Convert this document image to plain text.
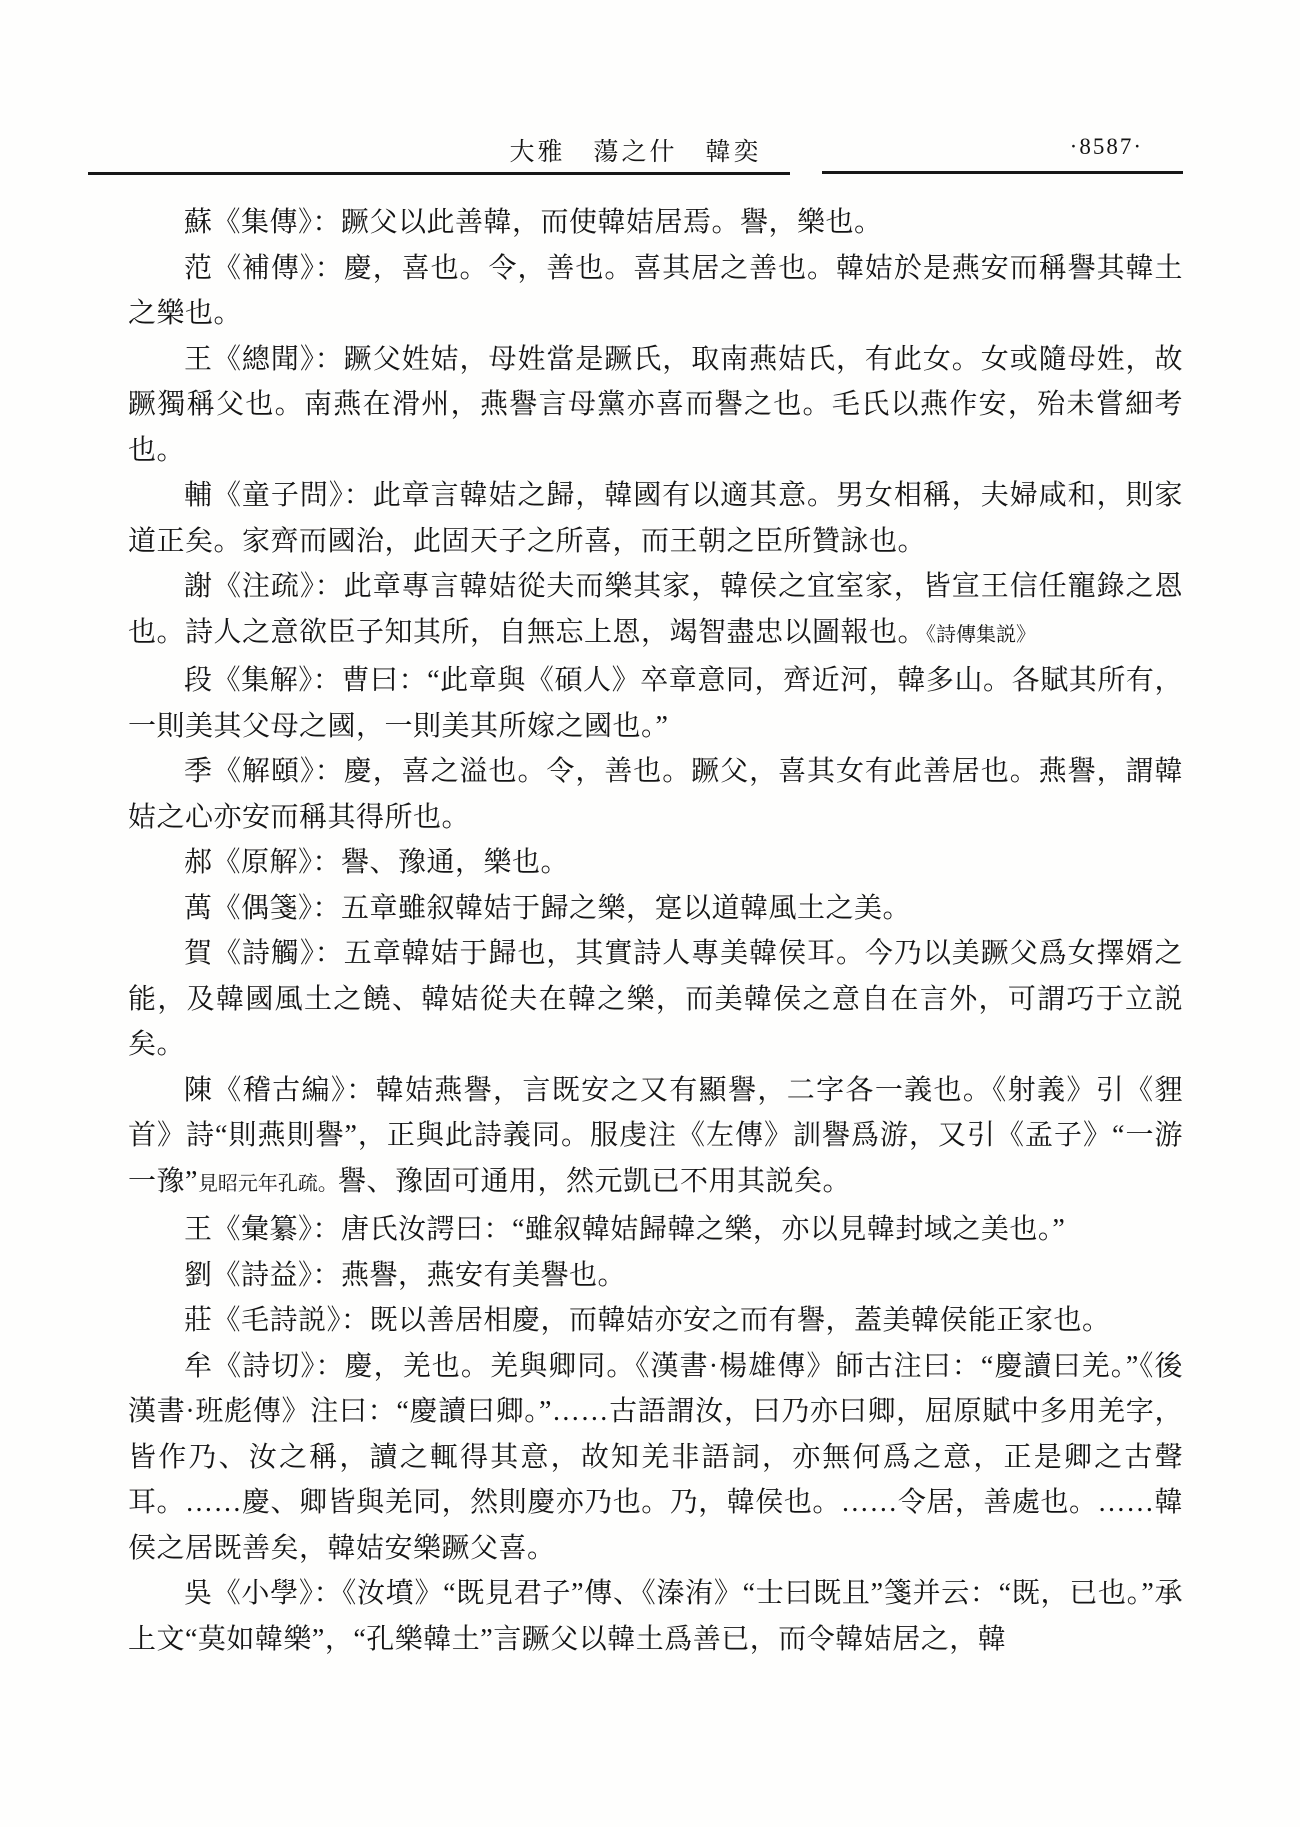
大雅　蕩之什　韓奕	·8587·

蘇《集傳》：蹶父以此善韓，而使韓姞居焉。譽，樂也。

范《補傳》：慶，喜也。令，善也。喜其居之善也。韓姞於是燕安而稱譽其韓土之樂也。

王《總聞》：蹶父姓姞，母姓當是蹶氏，取南燕姞氏，有此女。女或隨母姓，故蹶獨稱父也。南燕在滑州，燕譽言母黨亦喜而譽之也。毛氏以燕作安，殆未嘗細考也。

輔《童子問》：此章言韓姞之歸，韓國有以適其意。男女相稱，夫婦咸和，則家道正矣。家齊而國治，此固天子之所喜，而王朝之臣所贊詠也。

謝《注疏》：此章專言韓姞從夫而樂其家，韓侯之宜室家，皆宣王信任寵錄之恩也。詩人之意欲臣子知其所，自無忘上恩，竭智盡忠以圖報也。《詩傳集説》

段《集解》：曹曰：“此章與《碩人》卒章意同，齊近河，韓多山。各賦其所有，一則美其父母之國，一則美其所嫁之國也。”

季《解頤》：慶，喜之溢也。令，善也。蹶父，喜其女有此善居也。燕譽，謂韓姞之心亦安而稱其得所也。

郝《原解》：譽、豫通，樂也。

萬《偶箋》：五章雖叙韓姞于歸之樂，寔以道韓風土之美。

賀《詩觸》：五章韓姞于歸也，其實詩人專美韓侯耳。今乃以美蹶父爲女擇婿之能，及韓國風土之饒、韓姞從夫在韓之樂，而美韓侯之意自在言外，可謂巧于立説矣。

陳《稽古編》：韓姞燕譽，言既安之又有顯譽，二字各一義也。《射義》引《貍首》詩“則燕則譽”，正與此詩義同。服虔注《左傳》訓譽爲游，又引《孟子》“一游一豫”見昭元年孔疏。譽、豫固可通用，然元凱已不用其説矣。

王《彙纂》：唐氏汝諤曰：“雖叙韓姞歸韓之樂，亦以見韓封域之美也。”

劉《詩益》：燕譽，燕安有美譽也。

莊《毛詩説》：既以善居相慶，而韓姞亦安之而有譽，蓋美韓侯能正家也。

牟《詩切》：慶，羌也。羌與卿同。《漢書·楊雄傳》師古注曰：“慶讀曰羌。”《後漢書·班彪傳》注曰：“慶讀曰卿。”……古語謂汝，曰乃亦曰卿，屈原賦中多用羌字，皆作乃、汝之稱，讀之輒得其意，故知羌非語詞，亦無何爲之意，正是卿之古聲耳。……慶、卿皆與羌同，然則慶亦乃也。乃，韓侯也。……令居，善處也。……韓侯之居既善矣，韓姞安樂蹶父喜。

吳《小學》：《汝墳》“既見君子”傳、《溱洧》“士曰既且”箋并云：“既，已也。”承上文“莫如韓樂”，“孔樂韓土”言蹶父以韓土爲善已，而令韓姞居之，韓
